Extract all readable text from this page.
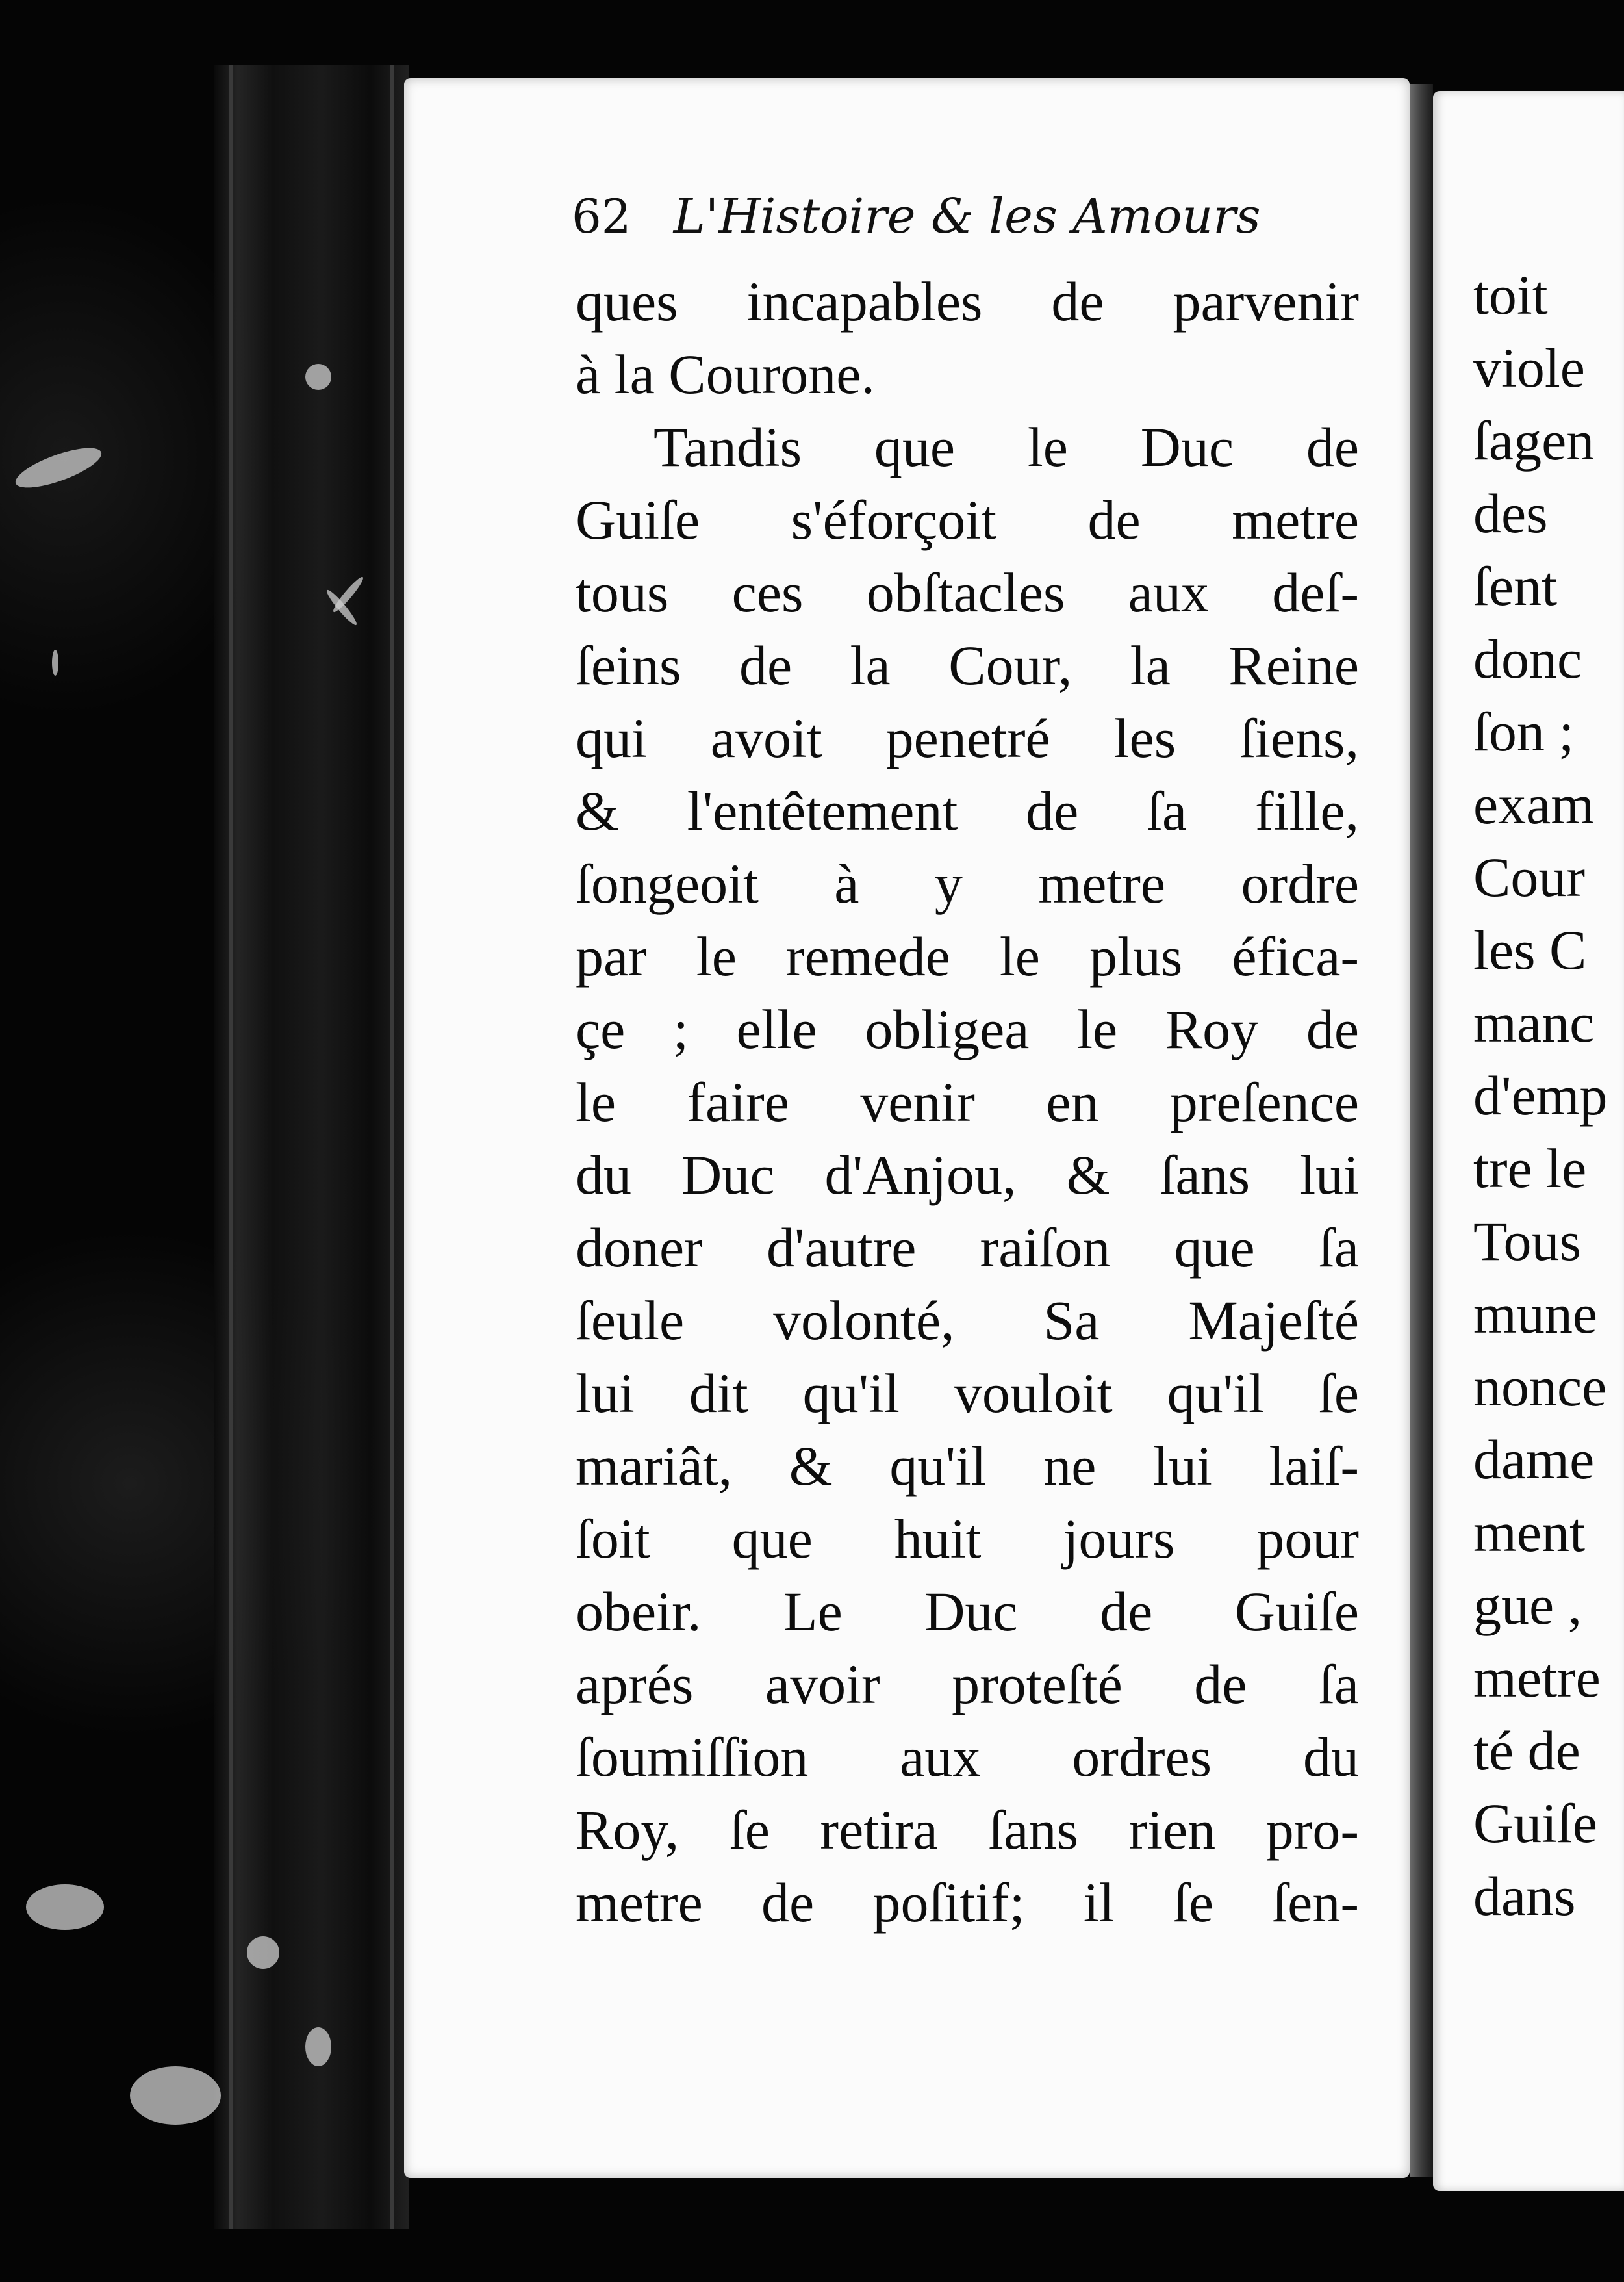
62 L'Histoire & les Amours
ques incapables de parvenir
à la Courone.
Tandis que le Duc de
Guiſe s'éforçoit de metre
tous ces obſtacles aux deſ-
ſeins de la Cour, la Reine
qui avoit penetré les ſiens,
& l'entêtement de ſa fille,
ſongeoit à y metre ordre
par le remede le plus éfica-
çe ; elle obligea le Roy de
le faire venir en preſence
du Duc d'Anjou, & ſans lui
doner d'autre raiſon que ſa
ſeule volonté, Sa Majeſté
lui dit qu'il vouloit qu'il ſe
mariât, & qu'il ne lui laiſ-
ſoit que huit jours pour
obeir. Le Duc de Guiſe
aprés avoir proteſté de ſa
ſoumiſſion aux ordres du
Roy, ſe retira ſans rien pro-
metre de poſitif; il ſe ſen-
toit
viole
ſagen
des
ſent
donc
ſon ;
exam
Cour
les C
manc
d'emp
tre le
Tous
mune
nonce
dame
ment
gue ,
metre
té de
Guiſe
dans
